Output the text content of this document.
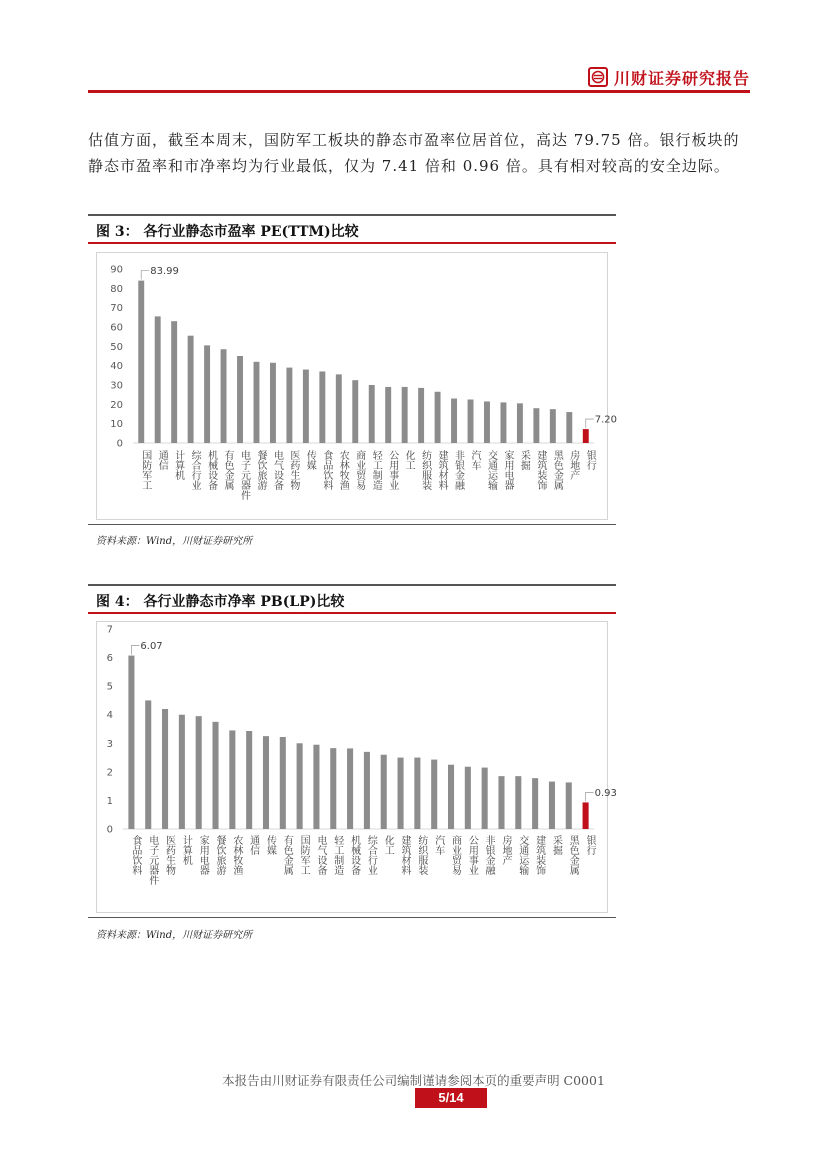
川财证券研究报告
估值方面，截至本周末，国防军工板块的静态市盈率位居首位，高达 79.75 倍。银行板块的静态市盈率和市净率均为行业最低，仅为 7.41 倍和 0.96 倍。具有相对较高的安全边际。
图 3： 各行业静态市盈率 PE(TTM)比较
0
10
20
30
40
50
60
70
80
90
国防军工
83.99
通信 计算机 综合行业 机械设备 有色金属 电子元器件 餐饮旅游 电气设备 医药生物 传媒 食品饮料 农林牧渔 商业贸易 轻工制造 公用事业 化工 纺织服装 建筑材料 非银金融 汽车 交通运输 家用电器 采掘 建筑装饰 黑色金属 房地产 银行
7.20
资料来源：Wind，川财证券研究所
图 4： 各行业静态市净率 PB(LP)比较
0
1
2
3
4
5
6
7
食品饮料
6.07
电子元器件 医药生物 计算机 家用电器 餐饮旅游 农林牧渔 通信 传媒 有色金属 国防军工 电气设备 轻工制造 机械设备 综合行业 化工 建筑材料 纺织服装 汽车 商业贸易 公用事业 非银金融 房地产 交通运输 建筑装饰 采掘 黑色金属 银行
0.93
资料来源：Wind，川财证券研究所
本报告由川财证券有限责任公司编制谨请参阅本页的重要声明 C0001
5/14
